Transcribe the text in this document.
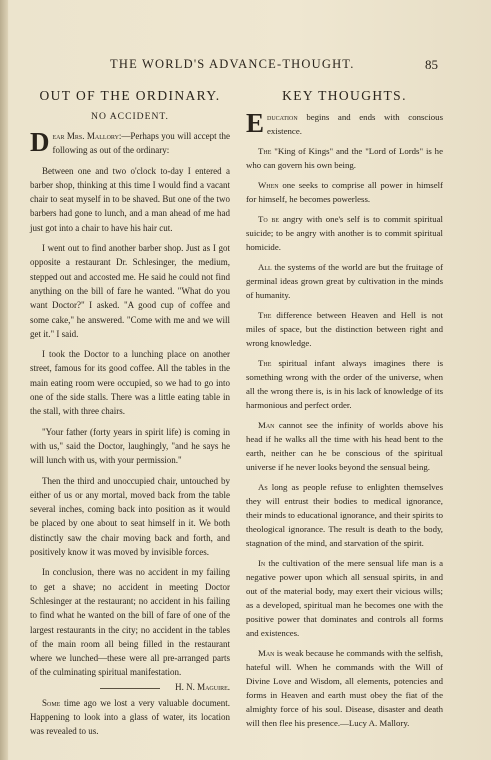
THE WORLD'S ADVANCE-THOUGHT.	85
OUT OF THE ORDINARY.
NO ACCIDENT.

Dear Mrs. Mallory:—Perhaps you will accept the following as out of the ordinary:

Between one and two o'clock to-day I entered a barber shop, thinking at this time I would find a vacant chair to seat myself in to be shaved. But one of the two barbers had gone to lunch, and a man ahead of me had just got into a chair to have his hair cut.

I went out to find another barber shop. Just as I got opposite a restaurant Dr. Schlesinger, the medium, stepped out and accosted me. He said he could not find anything on the bill of fare he wanted. "What do you want Doctor?" I asked. "A good cup of coffee and some cake," he answered. "Come with me and we will get it." I said.

I took the Doctor to a lunching place on another street, famous for its good coffee. All the tables in the main eating room were occupied, so we had to go into one of the side stalls. There was a little eating table in the stall, with three chairs.

"Your father (forty years in spirit life) is coming in with us," said the Doctor, laughingly, "and he says he will lunch with us, with your permission."

Then the third and unoccupied chair, untouched by either of us or any mortal, moved back from the table several inches, coming back into position as it would be placed by one about to seat himself in it. We both distinctly saw the chair moving back and forth, and positively know it was moved by invisible forces.

In conclusion, there was no accident in my failing to get a shave; no accident in meeting Doctor Schlesinger at the restaurant; no accident in his failing to find what he wanted on the bill of fare of one of the largest restaurants in the city; no accident in the tables of the main room all being filled in the restaurant where we lunched—these were all pre-arranged parts of the culminating spiritual manifestation.
H. N. Maguire.

Some time ago we lost a very valuable document. Happening to look into a glass of water, its location was revealed to us.

KEY THOUGHTS.

Education begins and ends with conscious existence.

The "King of Kings" and the "Lord of Lords" is he who can govern his own being.

When one seeks to comprise all power in himself for himself, he becomes powerless.

To be angry with one's self is to commit spiritual suicide; to be angry with another is to commit spiritual homicide.

All the systems of the world are but the fruitage of germinal ideas grown great by cultivation in the minds of humanity.

The difference between Heaven and Hell is not miles of space, but the distinction between right and wrong knowledge.

The spiritual infant always imagines there is something wrong with the order of the universe, when all the wrong there is, is in his lack of knowledge of its harmonious and perfect order.

Man cannot see the infinity of worlds above his head if he walks all the time with his head bent to the earth, neither can he be conscious of the spiritual universe if he never looks beyond the sensual being.

As long as people refuse to enlighten themselves they will entrust their bodies to medical ignorance, their minds to educational ignorance, and their spirits to theological ignorance. The result is death to the body, stagnation of the mind, and starvation of the spirit.

In the cultivation of the mere sensual life man is a negative power upon which all sensual spirits, in and out of the material body, may exert their vicious wills; as a developed, spiritual man he becomes one with the positive power that dominates and controls all forms and existences.

Man is weak because he commands with the selfish, hateful will. When he commands with the Will of Divine Love and Wisdom, all elements, potencies and forms in Heaven and earth must obey the fiat of the almighty force of his soul. Disease, disaster and death will then flee his presence.—Lucy A. Mallory.
